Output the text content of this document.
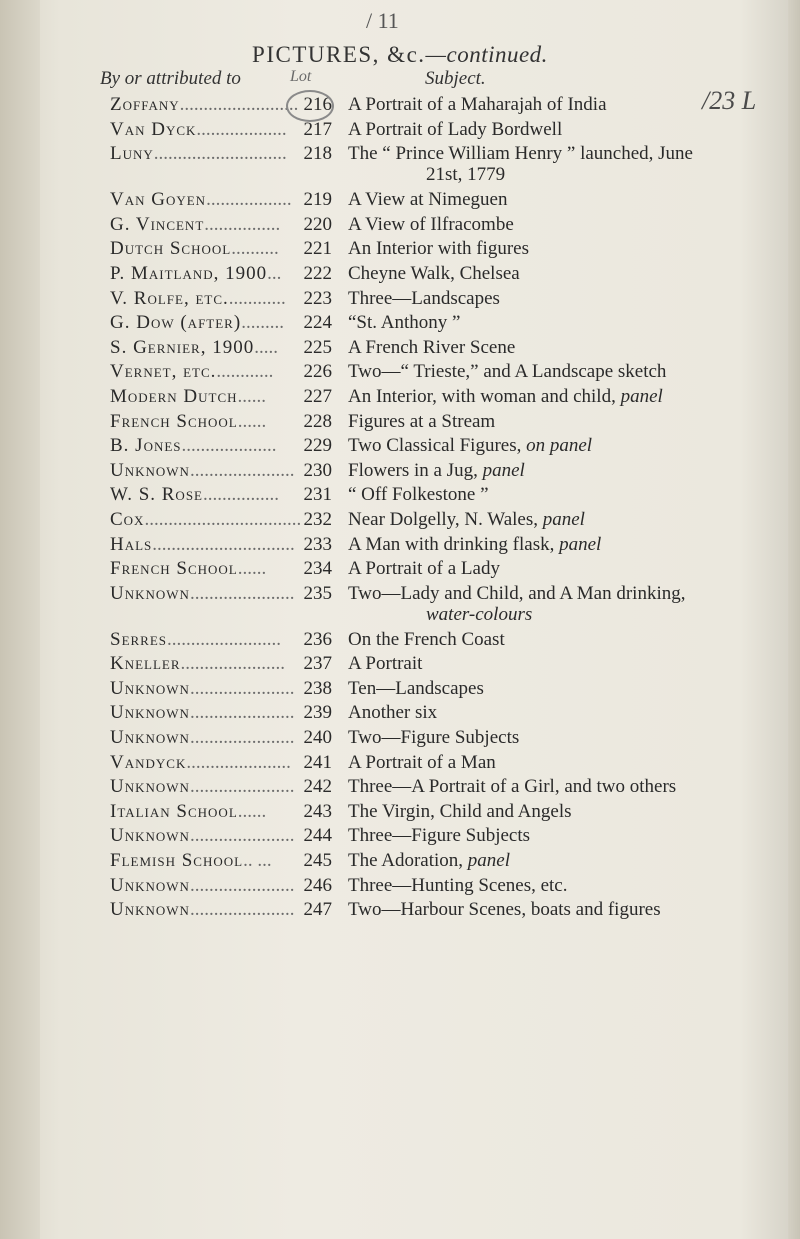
/ 11
PICTURES, &c.—continued.
By or attributed to	Lot	Subject.
Zoffany......................... 216 A Portrait of a Maharajah of India	/23 L
Van Dyck................... 217 A Portrait of Lady Bordwell
Luny............................ 218 The “ Prince William Henry ” launched, June
21st, 1779
Van Goyen.................. 219 A View at Nimeguen
G. Vincent................	220 A View of Ilfracombe
Dutch School..........	221 An Interior with figures
P. Maitland, 1900...	222 Cheyne Walk, Chelsea
V. Rolfe, etc............. 223 Three—Landscapes
G. Dow (after).........	224 “St. Anthony ”
S. Gernier, 1900.....	225 A French River Scene
Vernet, etc.............	226 Two—“ Trieste,” and A Landscape sketch
Modern Dutch......	227 An Interior, with woman and child, panel
French School......	228 Figures at a Stream
B. Jones....................	229 Two Classical Figures, on panel
Unknown...................... 230 Flowers in a Jug, panel
W. S. Rose................	231 “ Off Folkestone ”
Cox................................. 232 Near Dolgelly, N. Wales, panel
Hals.............................. 233 A Man with drinking flask, panel
French School......	234 A Portrait of a Lady
Unknown...................... 235 Two—Lady and Child, and A Man drinking,
water-colours
Serres........................	236 On the French Coast
Kneller...................... 237 A Portrait
Unknown...................... 238 Ten—Landscapes
Unknown...................... 239 Another six
Unknown...................... 240 Two—Figure Subjects
Vandyck...................... 241 A Portrait of a Man
Unknown...................... 242 Three—A Portrait of a Girl, and two others
Italian School......	243 The Virgin, Child and Angels
Unknown...................... 244 Three—Figure Subjects
Flemish School.. ...	245 The Adoration, panel
Unknown...................... 246 Three—Hunting Scenes, etc.
Unknown...................... 247 Two—Harbour Scenes, boats and figures
